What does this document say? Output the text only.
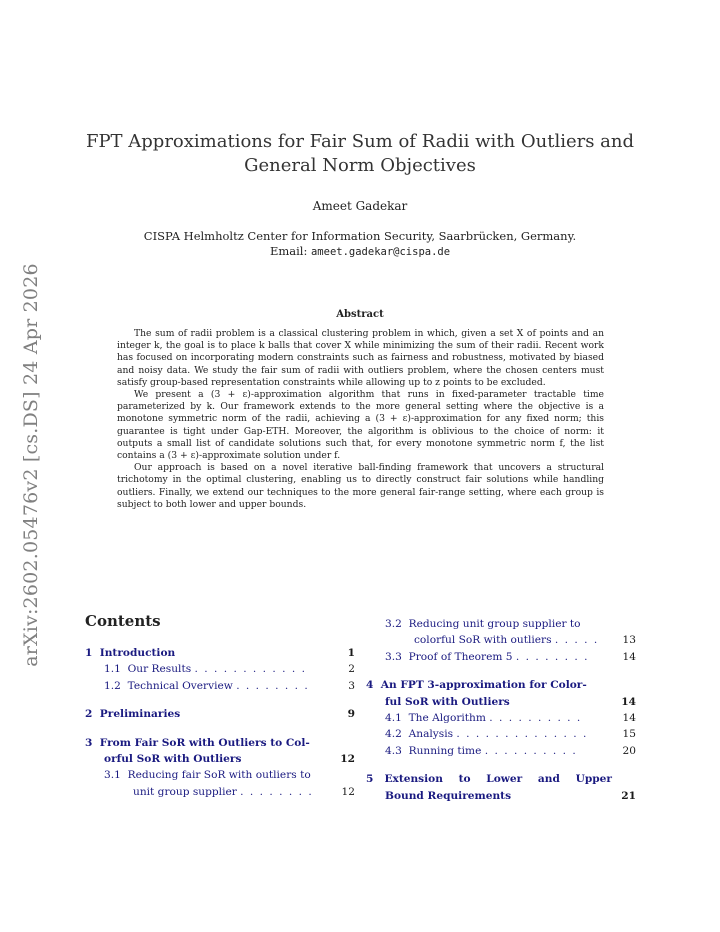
arXiv:2602.05476v2 [cs.DS] 24 Apr 2026
FPT Approximations for Fair Sum of Radii with Outliers and
General Norm Objectives
Ameet Gadekar
CISPA Helmholtz Center for Information Security, Saarbrücken, Germany.
Email: ameet.gadekar@cispa.de
Abstract

The sum of radii problem is a classical clustering problem in which, given a set X of points and an integer k, the goal is to place k balls that cover X while minimizing the sum of their radii. Recent work has focused on incorporating modern constraints such as fairness and robustness, motivated by biased and noisy data. We study the fair sum of radii with outliers problem, where the chosen centers must satisfy group-based representation constraints while allowing up to z points to be excluded.

We present a (3 + ε)-approximation algorithm that runs in fixed-parameter tractable time parameterized by k. Our framework extends to the more general setting where the objective is a monotone symmetric norm of the radii, achieving a (3 + ε)-approximation for any fixed norm; this guarantee is tight under Gap-ETH. Moreover, the algorithm is oblivious to the choice of norm: it outputs a small list of candidate solutions such that, for every monotone symmetric norm f, the list contains a (3 + ε)-approximate solution under f.

Our approach is based on a novel iterative ball-finding framework that uncovers a structural trichotomy in the optimal clustering, enabling us to directly construct fair solutions while handling outliers. Finally, we extend our techniques to the more general fair-range setting, where each group is subject to both lower and upper bounds.

Contents
1 Introduction	1
1.1 Our Results . . . . . . . . . . . .	2
1.2 Technical Overview . . . . . . . .	3
2 Preliminaries	9
3 From Fair SoR with Outliers to Col-
orful SoR with Outliers	12
3.1 Reducing fair SoR with outliers to
unit group supplier . . . . . . . .	12
3.2 Reducing unit group supplier to
colorful SoR with outliers . . . . . 13
3.3 Proof of Theorem 5 . . . . . . . .	14
4 An FPT 3-approximation for Color-
ful SoR with Outliers	14
4.1 The Algorithm . . . . . . . . . .	14
4.2 Analysis . . . . . . . . . . . . . .	15
4.3 Running time . . . . . . . . . .	20
5 Extension to Lower and Upper
Bound Requirements	21
